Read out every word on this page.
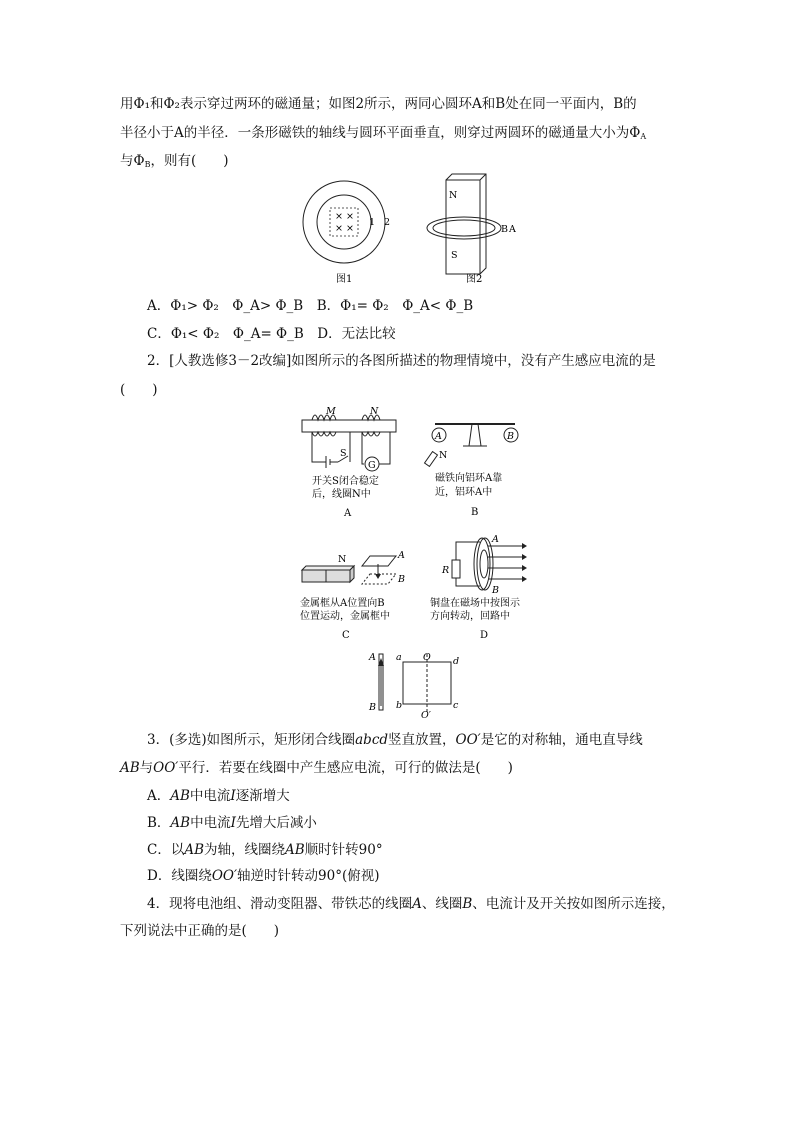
用Φ₁和Φ₂表示穿过两环的磁通量；如图2所示，两同心圆环A和B处在同一平面内，B的
半径小于A的半径．一条形磁铁的轴线与圆环平面垂直，则穿过两圆环的磁通量大小为$\Phi_A$
与$\Phi_B$，则有(　　)
× ×
× ×
1 2
图1
N
S
B A
图2
A．Φ₁> Φ₂　Φ_A> Φ_B　B．Φ₁= Φ₂　Φ_A< Φ_B
C．Φ₁< Φ₂　Φ_A= Φ_B　D．无法比较
2．[人教选修3－2改编]如图所示的各图所描述的物理情境中，没有产生感应电流的是
(　　)
M	N
S
G
开关S闭合稳定
后，线圈N中
A
A	B
N
磁铁向铝环A靠
近，铝环A中
B
N	A
B
金属框从A位置向B
位置运动，金属框中
C
R
A
B
铜盘在磁场中按图示
方向转动，回路中
D
A
B
a O d
b
O′
c
3．(多选)如图所示，矩形闭合线圈abcd竖直放置，OO′是它的对称轴，通电直导线
AB与OO′平行．若要在线圈中产生感应电流，可行的做法是(　　)
A．AB中电流I逐渐增大
B．AB中电流I先增大后减小
C．以AB为轴，线圈绕AB顺时针转90°
D．线圈绕OO′轴逆时针转动90°(俯视)
4．现将电池组、滑动变阻器、带铁芯的线圈A、线圈B、电流计及开关按如图所示连接，
下列说法中正确的是(　　)
